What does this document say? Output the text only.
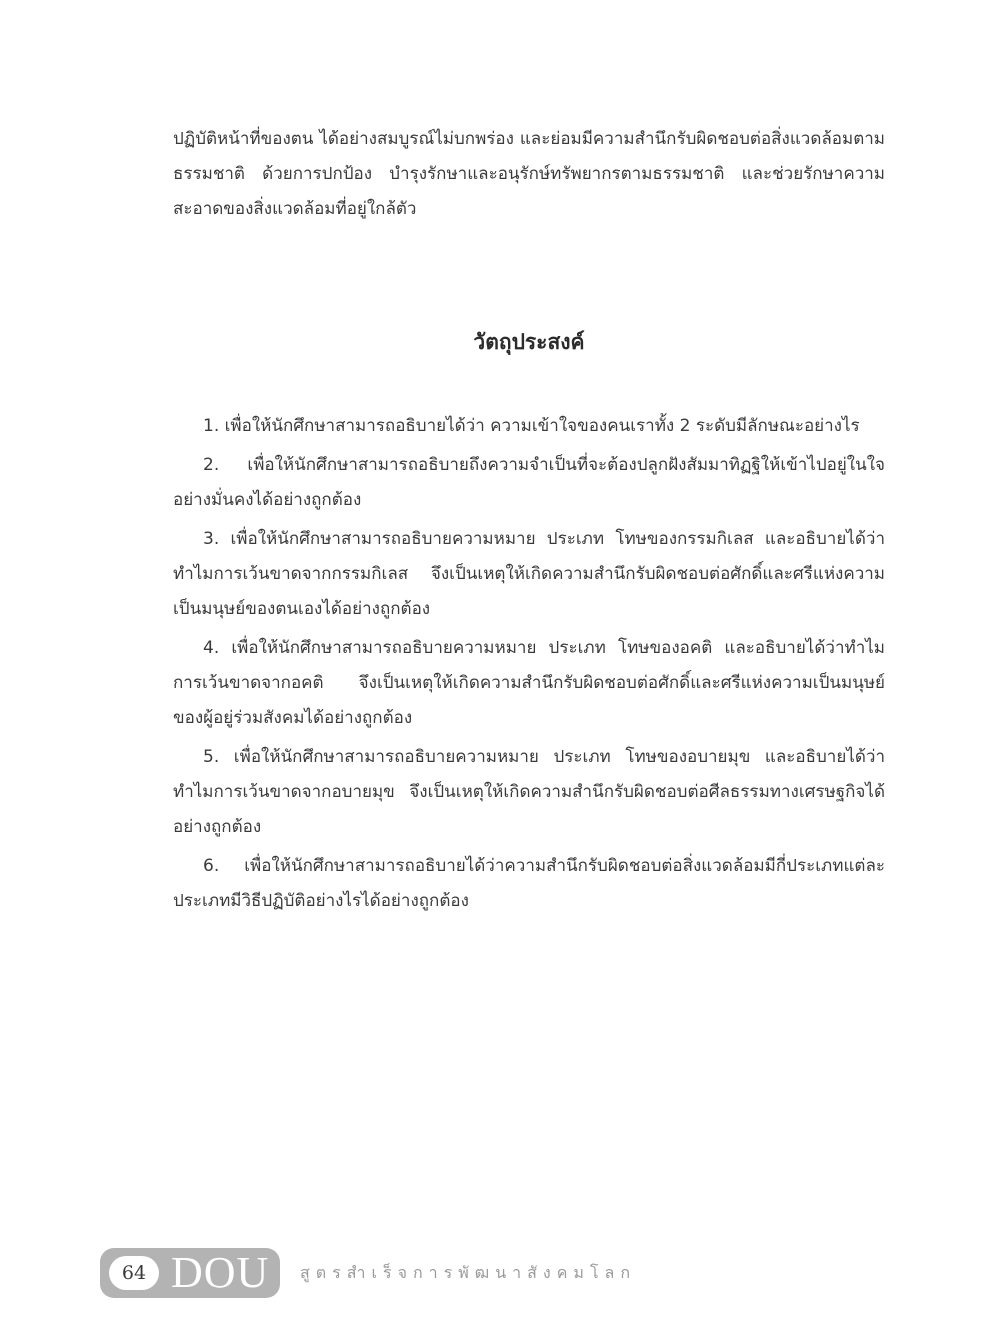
ปฏิบัติหน้าที่ของตน ได้อย่างสมบูรณ์ไม่บกพร่อง และย่อมมีความสำนึกรับผิดชอบต่อสิ่งแวดล้อมตามธรรมชาติ ด้วยการปกป้อง บำรุงรักษาและอนุรักษ์ทรัพยากรตามธรรมชาติ และช่วยรักษาความสะอาดของสิ่งแวดล้อมที่อยู่ใกล้ตัว

วัตถุประสงค์
1. เพื่อให้นักศึกษาสามารถอธิบายได้ว่า ความเข้าใจของคนเราทั้ง 2 ระดับมีลักษณะอย่างไร
2. เพื่อให้นักศึกษาสามารถอธิบายถึงความจำเป็นที่จะต้องปลูกฝังสัมมาทิฏฐิให้เข้าไปอยู่ในใจอย่างมั่นคงได้อย่างถูกต้อง
3. เพื่อให้นักศึกษาสามารถอธิบายความหมาย ประเภท โทษของกรรมกิเลส และอธิบายได้ว่าทำไมการเว้นขาดจากกรรมกิเลส จึงเป็นเหตุให้เกิดความสำนึกรับผิดชอบต่อศักดิ์และศรีแห่งความเป็นมนุษย์ของตนเองได้อย่างถูกต้อง
4. เพื่อให้นักศึกษาสามารถอธิบายความหมาย ประเภท โทษของอคติ และอธิบายได้ว่าทำไมการเว้นขาดจากอคติ จึงเป็นเหตุให้เกิดความสำนึกรับผิดชอบต่อศักดิ์และศรีแห่งความเป็นมนุษย์ของผู้อยู่ร่วมสังคมได้อย่างถูกต้อง
5. เพื่อให้นักศึกษาสามารถอธิบายความหมาย ประเภท โทษของอบายมุข และอธิบายได้ว่าทำไมการเว้นขาดจากอบายมุข จึงเป็นเหตุให้เกิดความสำนึกรับผิดชอบต่อศีลธรรมทางเศรษฐกิจได้อย่างถูกต้อง
6. เพื่อให้นักศึกษาสามารถอธิบายได้ว่าความสำนึกรับผิดชอบต่อสิ่งแวดล้อมมีกี่ประเภทแต่ละประเภทมีวิธีปฏิบัติอย่างไรได้อย่างถูกต้อง
64 DOU สูตรสำเร็จการพัฒนาสังคมโลก
